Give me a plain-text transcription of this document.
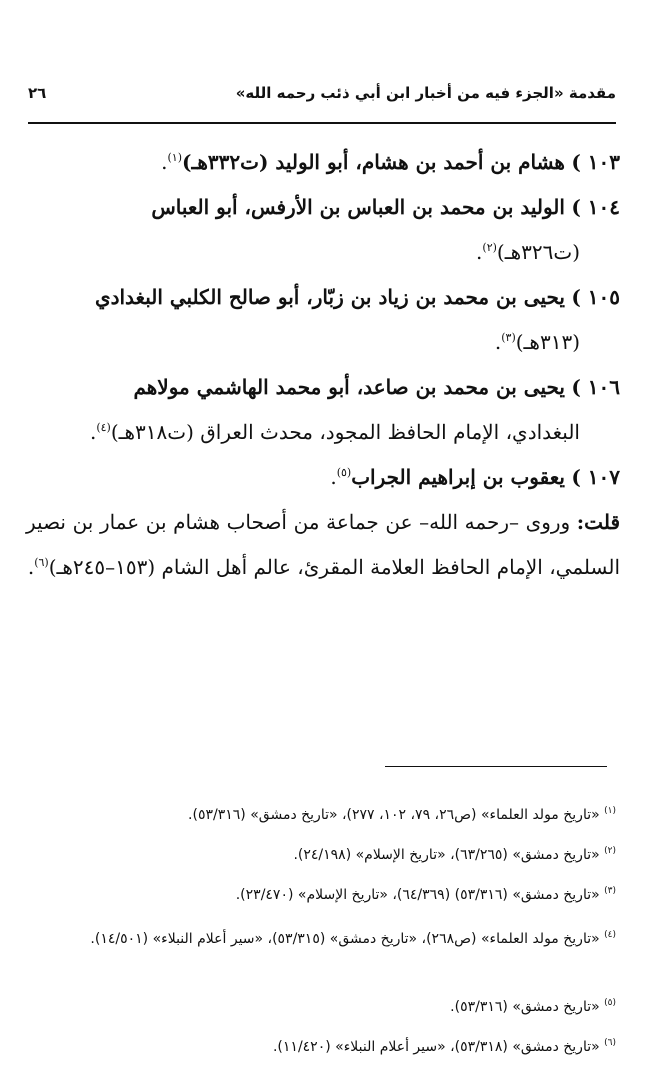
مقدمة «الجزء فيه من أخبار ابن أبي ذئب رحمه الله»
٢٦

١٠٣ ) هشام بن أحمد بن هشام، أبو الوليد (ت٣٣٢هـ)$^{(١)}$.

١٠٤ ) الوليد بن محمد بن العباس بن الأرفس، أبو العباس
(ت٣٢٦هـ)$^{(٢)}$.

١٠٥ ) يحيى بن محمد بن زياد بن زبّار، أبو صالح الكلبي البغدادي
(٣١٣هـ)$^{(٣)}$.

١٠٦ ) يحيى بن محمد بن صاعد، أبو محمد الهاشمي مولاهم
البغدادي، الإمام الحافظ المجود، محدث العراق (ت٣١٨هـ)$^{(٤)}$.

١٠٧ ) يعقوب بن إبراهيم الجراب$^{(٥)}$.

قلت: وروى –رحمه الله– عن جماعة من أصحاب هشام بن عمار بن نصير السلمي، الإمام الحافظ العلامة المقرئ، عالم أهل الشام (١٥٣–٢٤٥هـ)$^{(٦)}$.

$^{(١)}$ «تاريخ مولد العلماء» (ص٢٦، ٧٩، ١٠٢، ٢٧٧)، «تاريخ دمشق» (٥٣/٣١٦).
$^{(٢)}$ «تاريخ دمشق» (٦٣/٢٦٥)، «تاريخ الإسلام» (٢٤/١٩٨).
$^{(٣)}$ «تاريخ دمشق» (٥٣/٣١٦) (٦٤/٣٦٩)، «تاريخ الإسلام» (٢٣/٤٧٠).
$^{(٤)}$ «تاريخ مولد العلماء» (ص٢٦٨)، «تاريخ دمشق» (٥٣/٣١٥)، «سير أعلام النبلاء» (١٤/٥٠١).
$^{(٥)}$ «تاريخ دمشق» (٥٣/٣١٦).
$^{(٦)}$ «تاريخ دمشق» (٥٣/٣١٨)، «سير أعلام النبلاء» (١١/٤٢٠).
